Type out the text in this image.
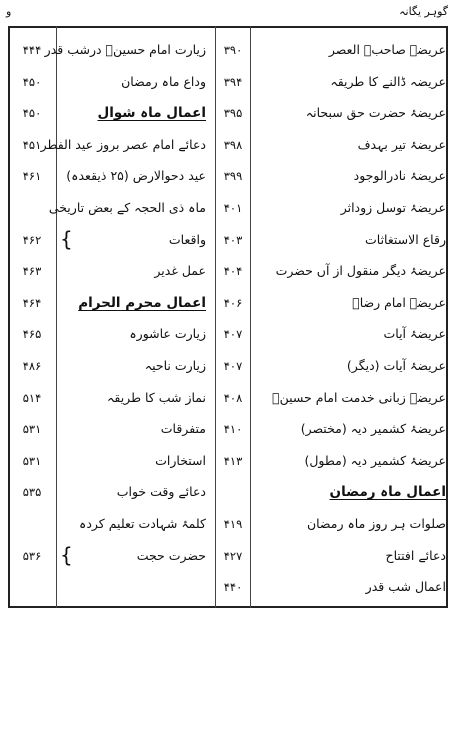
و	گوہر یگانہ
عریضۂ صاحبؑ العصر
۳۹۰
زیارت امام حسینؑ درشب قدر
۴۴۴
عریضہ ڈالنے کا طریقہ
۳۹۴
وداع ماہ رمضان
۴۵۰
عریضۂ حضرت حق سبحانہ
۳۹۵
اعمال ماہ شوال
۴۵۰
عریضۂ تیر بہدف
۳۹۸
دعائے امام عصر بروز عید الفطر
۴۵۱
عریضۂ نادرالوجود
۳۹۹
عید دحوالارض (۲۵ ذیقعدہ)
۴۶۱
عریضۂ توسل زوداثر
۴۰۱
ماہ ذی الحجہ کے بعض تاریخی
رقاع الاستغاثات
۴۰۳
واقعات
۴۶۲ {
عریضۂ دیگر منقول از آں حضرت
۴۰۴
عمل غدیر
۴۶۳
عریضۂ امام رضاؑ
۴۰۶
اعمال محرم الحرام
۴۶۴
عریضۂ آیات
۴۰۷
زیارت عاشورہ
۴۶۵
عریضۂ آیات (دیگر)
۴۰۷
زیارت ناحیہ
۴۸۶
عریضۂ زبانی خدمت امام حسینؑ
۴۰۸
نماز شب کا طریقہ
۵۱۴
عریضۂ کشمیر دیہ (مختصر)
۴۱۰
متفرقات
۵۳۱
عریضۂ کشمیر دیہ (مطول)
۴۱۳
استخارات
۵۳۱
اعمال ماہ رمضان
دعائے وقت خواب
۵۳۵
صلوات ہر روز ماہ رمضان
۴۱۹
کلمۂ شہادت تعلیم کردہ
دعائے افتتاح
۴۲۷
حضرت حجت
۵۳۶ {
اعمال شب قدر
۴۴۰
